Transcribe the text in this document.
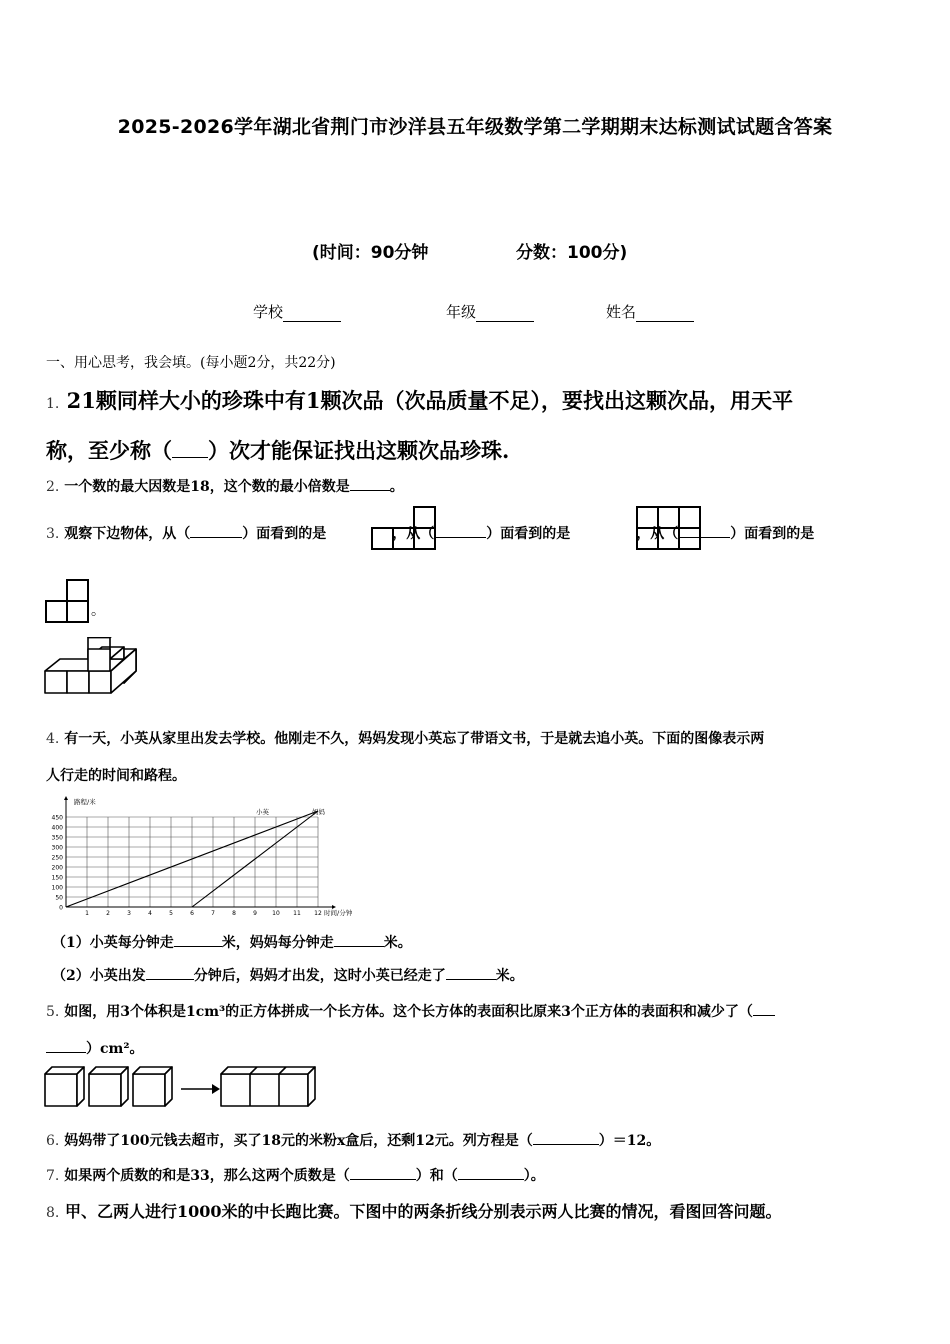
2025-2026学年湖北省荆门市沙洋县五年级数学第二学期期末达标测试试题含答案
(时间：90分钟	分数：100分)
学校	年级	姓名
一、用心思考，我会填。(每小题2分，共22分)
1. 21颗同样大小的珍珠中有1颗次品（次品质量不足），要找出这颗次品，用天平
称，至少称（ ）次才能保证找出这颗次品珍珠.
2. 一个数的最大因数是18，这个数的最小倍数是	。
3. 观察下边物体，从（	）面看到的是	，从（	）面看到的是	，从（	）面看到的是
。
4. 有一天，小英从家里出发去学校。他刚走不久，妈妈发现小英忘了带语文书，于是就去追小英。下面的图像表示两
人行走的时间和路程。
0
50
100
150
200
250
300
350
400
450
1	2	3	4	5	6	7	8	9	10 11 12
路程/米
时间/分钟
小英	妈妈
（1）小英每分钟走	米，妈妈每分钟走	米。
（2）小英出发	分钟后，妈妈才出发，这时小英已经走了	米。
5. 如图，用3个体积是1cm³的正方体拼成一个长方体。这个长方体的表面积比原来3个正方体的表面积和减少了（
）cm²。
6. 妈妈带了100元钱去超市，买了18元的米粉x盒后，还剩12元。列方程是（	）＝12。
7. 如果两个质数的和是33，那么这两个质数是（	）和（	）。
8. 甲、乙两人进行1000米的中长跑比赛。下图中的两条折线分别表示两人比赛的情况，看图回答问题。
